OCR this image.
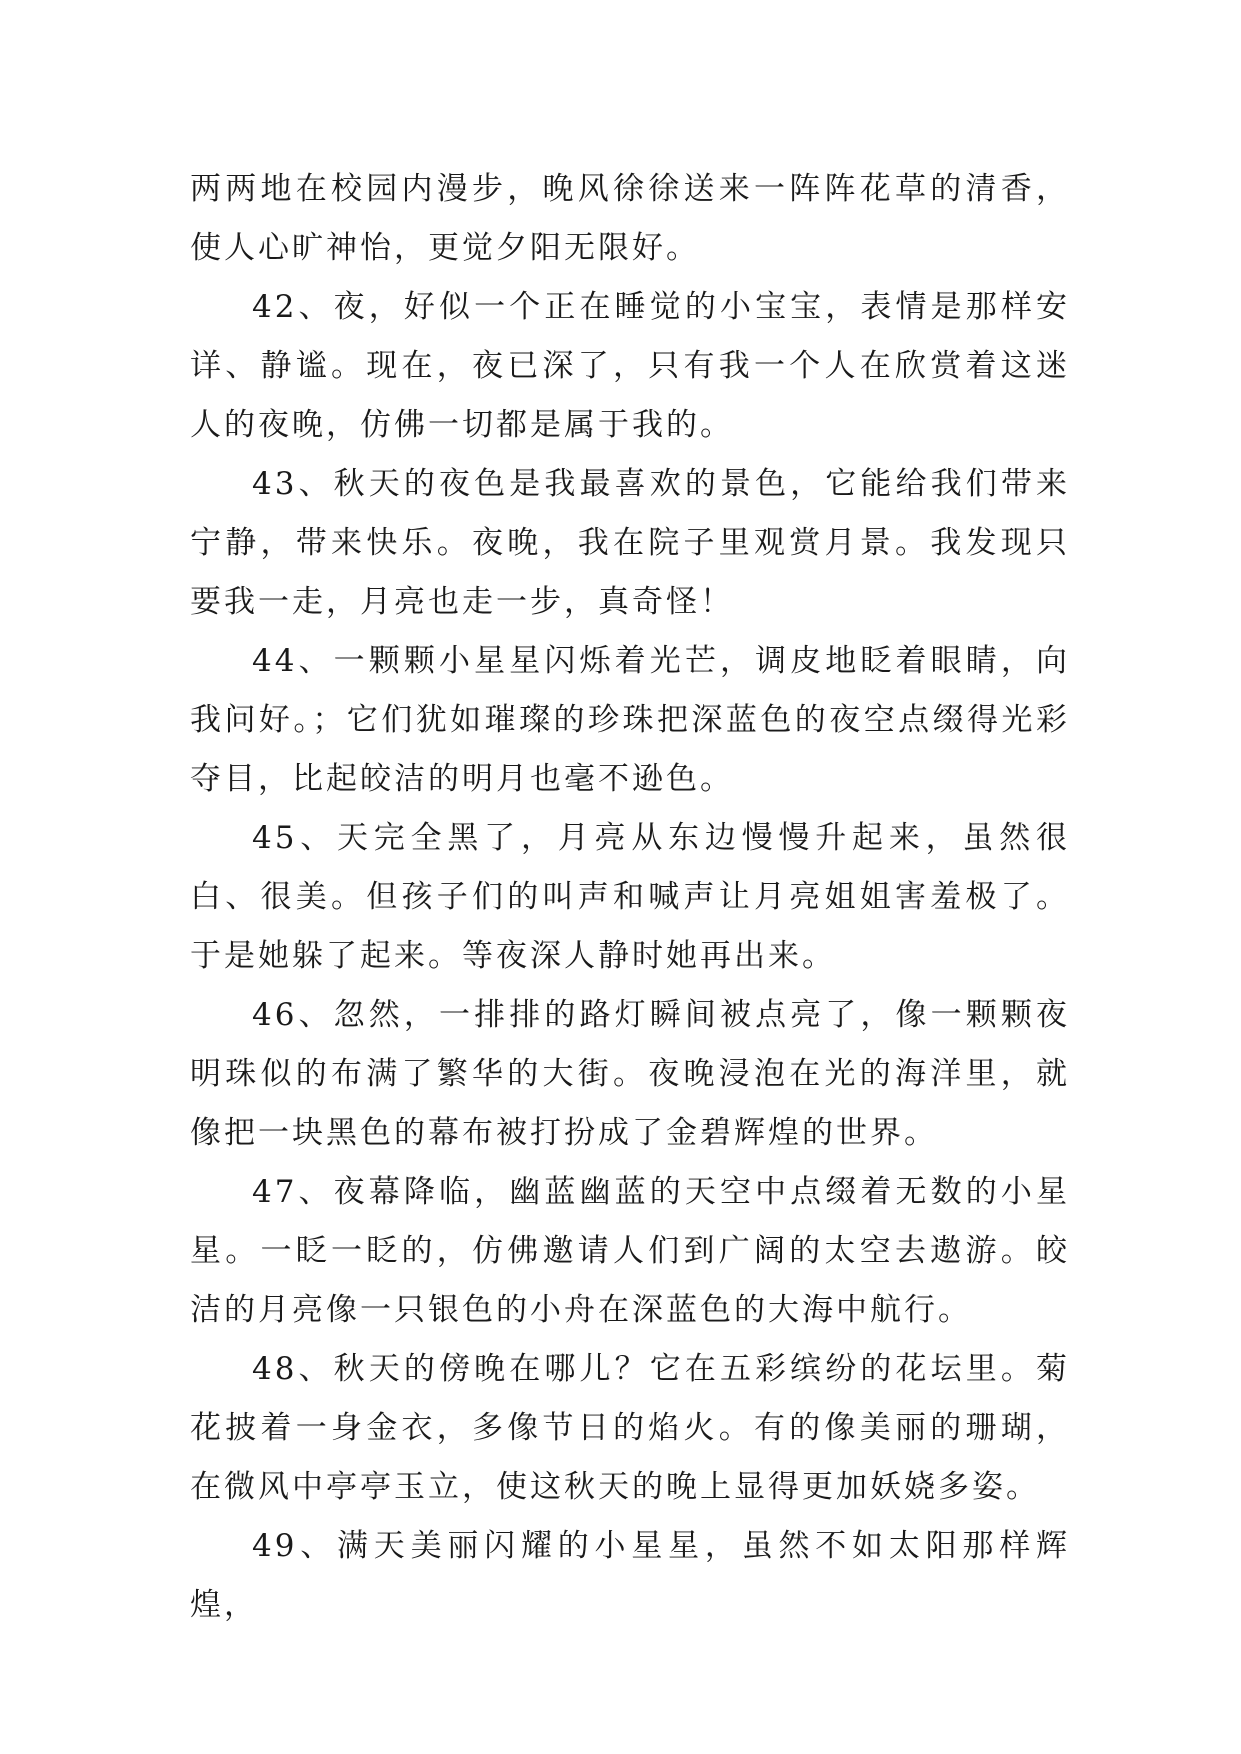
两两地在校园内漫步，晚风徐徐送来一阵阵花草的清香，使人心旷神怡，更觉夕阳无限好。

42、夜，好似一个正在睡觉的小宝宝，表情是那样安详、静谧。现在，夜已深了，只有我一个人在欣赏着这迷人的夜晚，仿佛一切都是属于我的。

43、秋天的夜色是我最喜欢的景色，它能给我们带来宁静，带来快乐。夜晚，我在院子里观赏月景。我发现只要我一走，月亮也走一步，真奇怪！

44、一颗颗小星星闪烁着光芒，调皮地眨着眼睛，向我问好。；它们犹如璀璨的珍珠把深蓝色的夜空点缀得光彩夺目，比起皎洁的明月也毫不逊色。

45、天完全黑了，月亮从东边慢慢升起来，虽然很白、很美。但孩子们的叫声和喊声让月亮姐姐害羞极了。于是她躲了起来。等夜深人静时她再出来。

46、忽然，一排排的路灯瞬间被点亮了，像一颗颗夜明珠似的布满了繁华的大街。夜晚浸泡在光的海洋里，就像把一块黑色的幕布被打扮成了金碧辉煌的世界。

47、夜幕降临，幽蓝幽蓝的天空中点缀着无数的小星星。一眨一眨的，仿佛邀请人们到广阔的太空去遨游。皎洁的月亮像一只银色的小舟在深蓝色的大海中航行。

48、秋天的傍晚在哪儿？它在五彩缤纷的花坛里。菊花披着一身金衣，多像节日的焰火。有的像美丽的珊瑚，在微风中亭亭玉立，使这秋天的晚上显得更加妖娆多姿。

49、满天美丽闪耀的小星星，虽然不如太阳那样辉煌，
